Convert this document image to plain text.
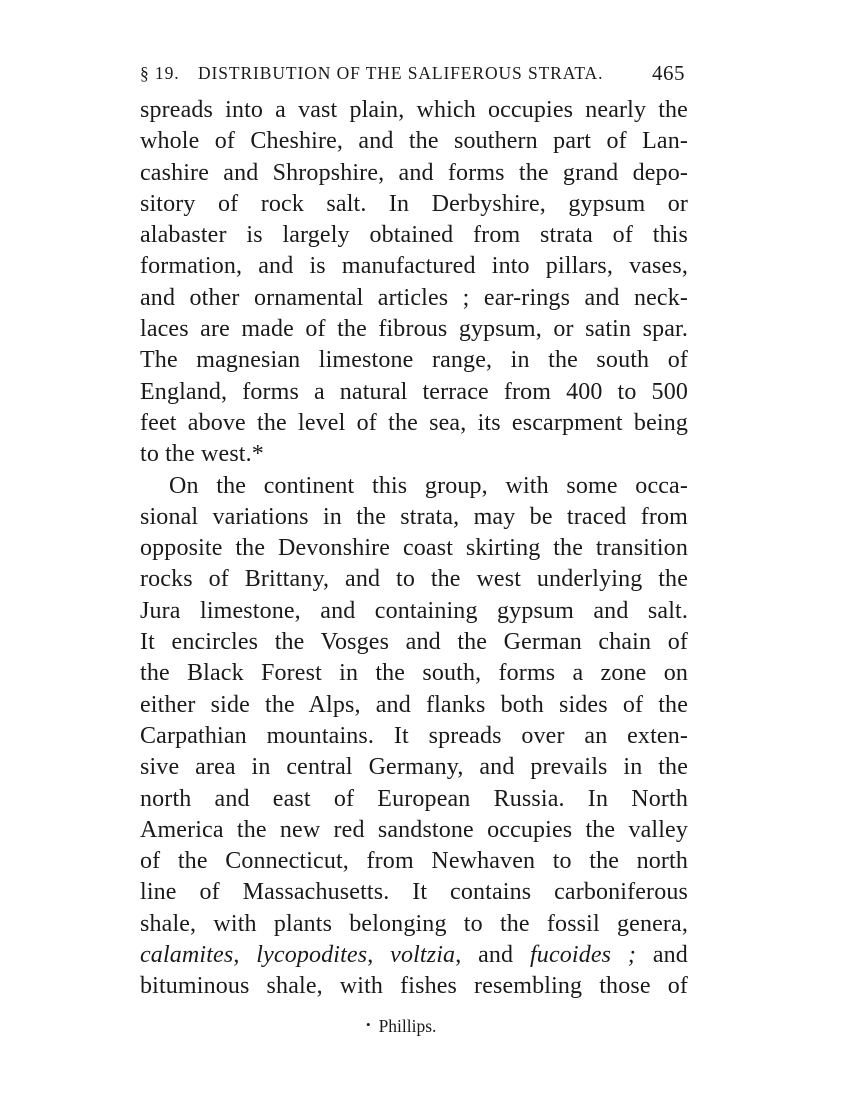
§ 19. DISTRIBUTION OF THE SALIFEROUS STRATA. 465
spreads into a vast plain, which occupies nearly the
whole of Cheshire, and the southern part of Lan-
cashire and Shropshire, and forms the grand depo-
sitory of rock salt. In Derbyshire, gypsum or
alabaster is largely obtained from strata of this
formation, and is manufactured into pillars, vases,
and other ornamental articles ; ear-rings and neck-
laces are made of the fibrous gypsum, or satin spar.
The magnesian limestone range, in the south of
England, forms a natural terrace from 400 to 500
feet above the level of the sea, its escarpment being
to the west.*
On the continent this group, with some occa-
sional variations in the strata, may be traced from
opposite the Devonshire coast skirting the transition
rocks of Brittany, and to the west underlying the
Jura limestone, and containing gypsum and salt.
It encircles the Vosges and the German chain of
the Black Forest in the south, forms a zone on
either side the Alps, and flanks both sides of the
Carpathian mountains. It spreads over an exten-
sive area in central Germany, and prevails in the
north and east of European Russia. In North
America the new red sandstone occupies the valley
of the Connecticut, from Newhaven to the north
line of Massachusetts. It contains carboniferous
shale, with plants belonging to the fossil genera,
calamites, lycopodites, voltzia, and fucoides ; and
bituminous shale, with fishes resembling those of
• Phillips.
